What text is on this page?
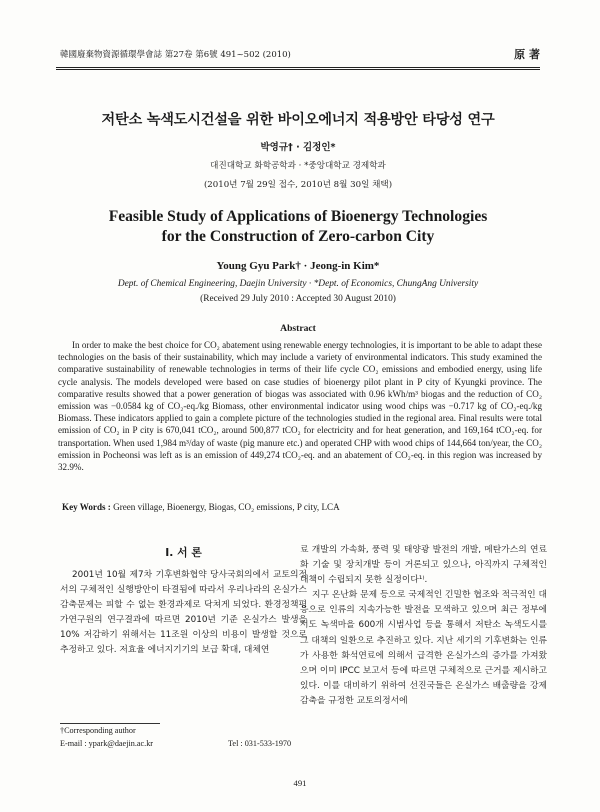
韓國廢棄物資源循環學會誌 第27卷 第6號 491~502 (2010)	原 著
저탄소 녹색도시건설을 위한 바이오에너지 적용방안 타당성 연구
박영규† · 김정인*
대진대학교 화학공학과 · *중앙대학교 경제학과
(2010년 7월 29일 접수, 2010년 8월 30일 채택)
Feasible Study of Applications of Bioenergy Technologies
for the Construction of Zero-carbon City
Young Gyu Park† · Jeong-in Kim*
Dept. of Chemical Engineering, Daejin University · *Dept. of Economics, ChungAng University
(Received 29 July 2010 : Accepted 30 August 2010)
Abstract

In order to make the best choice for CO₂ abatement using renewable energy technologies, it is important to be able to adapt these technologies on the basis of their sustainability, which may include a variety of environmental indicators. This study examined the comparative sustainability of renewable technologies in terms of their life cycle CO₂ emissions and embodied energy, using life cycle analysis. The models developed were based on case studies of bioenergy pilot plant in P city of Kyungki province. The comparative results showed that a power generation of biogas was associated with 0.96 kWh/m³ biogas and the reduction of CO₂ emission was −0.0584 kg of CO₂-eq./kg Biomass, other environmental indicator using wood chips was −0.717 kg of CO₂-eq./kg Biomass. These indicators applied to gain a complete picture of the technologies studied in the regional area. Final results were total emission of CO₂ in P city is 670,041 tCO₂, around 500,877 tCO₂ for electricity and for heat generation, and 169,164 tCO₂-eq. for transportation. When used 1,984 m³/day of waste (pig manure etc.) and operated CHP with wood chips of 144,664 ton/year, the CO₂ emission in Pocheonsi was left as is an emission of 449,274 tCO₂-eq. and an abatement of CO₂-eq. in this region was increased by 32.9%.

Key Words : Green village, Bioenergy, Biogas, CO₂ emissions, P city, LCA
I. 서 론

2001년 10월 제7차 기후변화협약 당사국회의에서 교토의정서의 구체적인 실행방안이 타결됨에 따라서 우리나라의 온실가스 감축문제는 피할 수 없는 환경과제로 닥쳐게 되었다. 환경정책평가연구원의 연구결과에 따르면 2010년 기준 온실가스 발생을 10% 저감하기 위해서는 11조원 이상의 비용이 발생할 것으로 추정하고 있다. 저효율 에너지기기의 보급 확대, 대체연

료 개발의 가속화, 풍력 및 태양광 발전의 개발, 메탄가스의 연료화 기술 및 장치개발 등이 거론되고 있으나, 아직까지 구체적인 대책이 수립되지 못한 실정이다¹⁾.

지구 온난화 문제 등으로 국제적인 긴밀한 협조와 적극적인 대응으로 인류의 지속가능한 발전을 모색하고 있으며 최근 정부에서도 녹색마을 600개 시범사업 등을 통해서 저탄소 녹색도시를 그 대책의 일환으로 추진하고 있다. 지난 세기의 기후변화는 인류가 사용한 화석연료에 의해서 급격한 온실가스의 증가를 가져왔으며 이미 IPCC 보고서 등에 따르면 구체적으로 근거를 제시하고 있다. 이를 대비하기 위하여 선진국들은 온실가스 배출량을 강제 감축을 규정한 교토의정서에

†Corresponding author
E-mail : ypark@daejin.ac.kr	Tel : 031-533-1970
491
